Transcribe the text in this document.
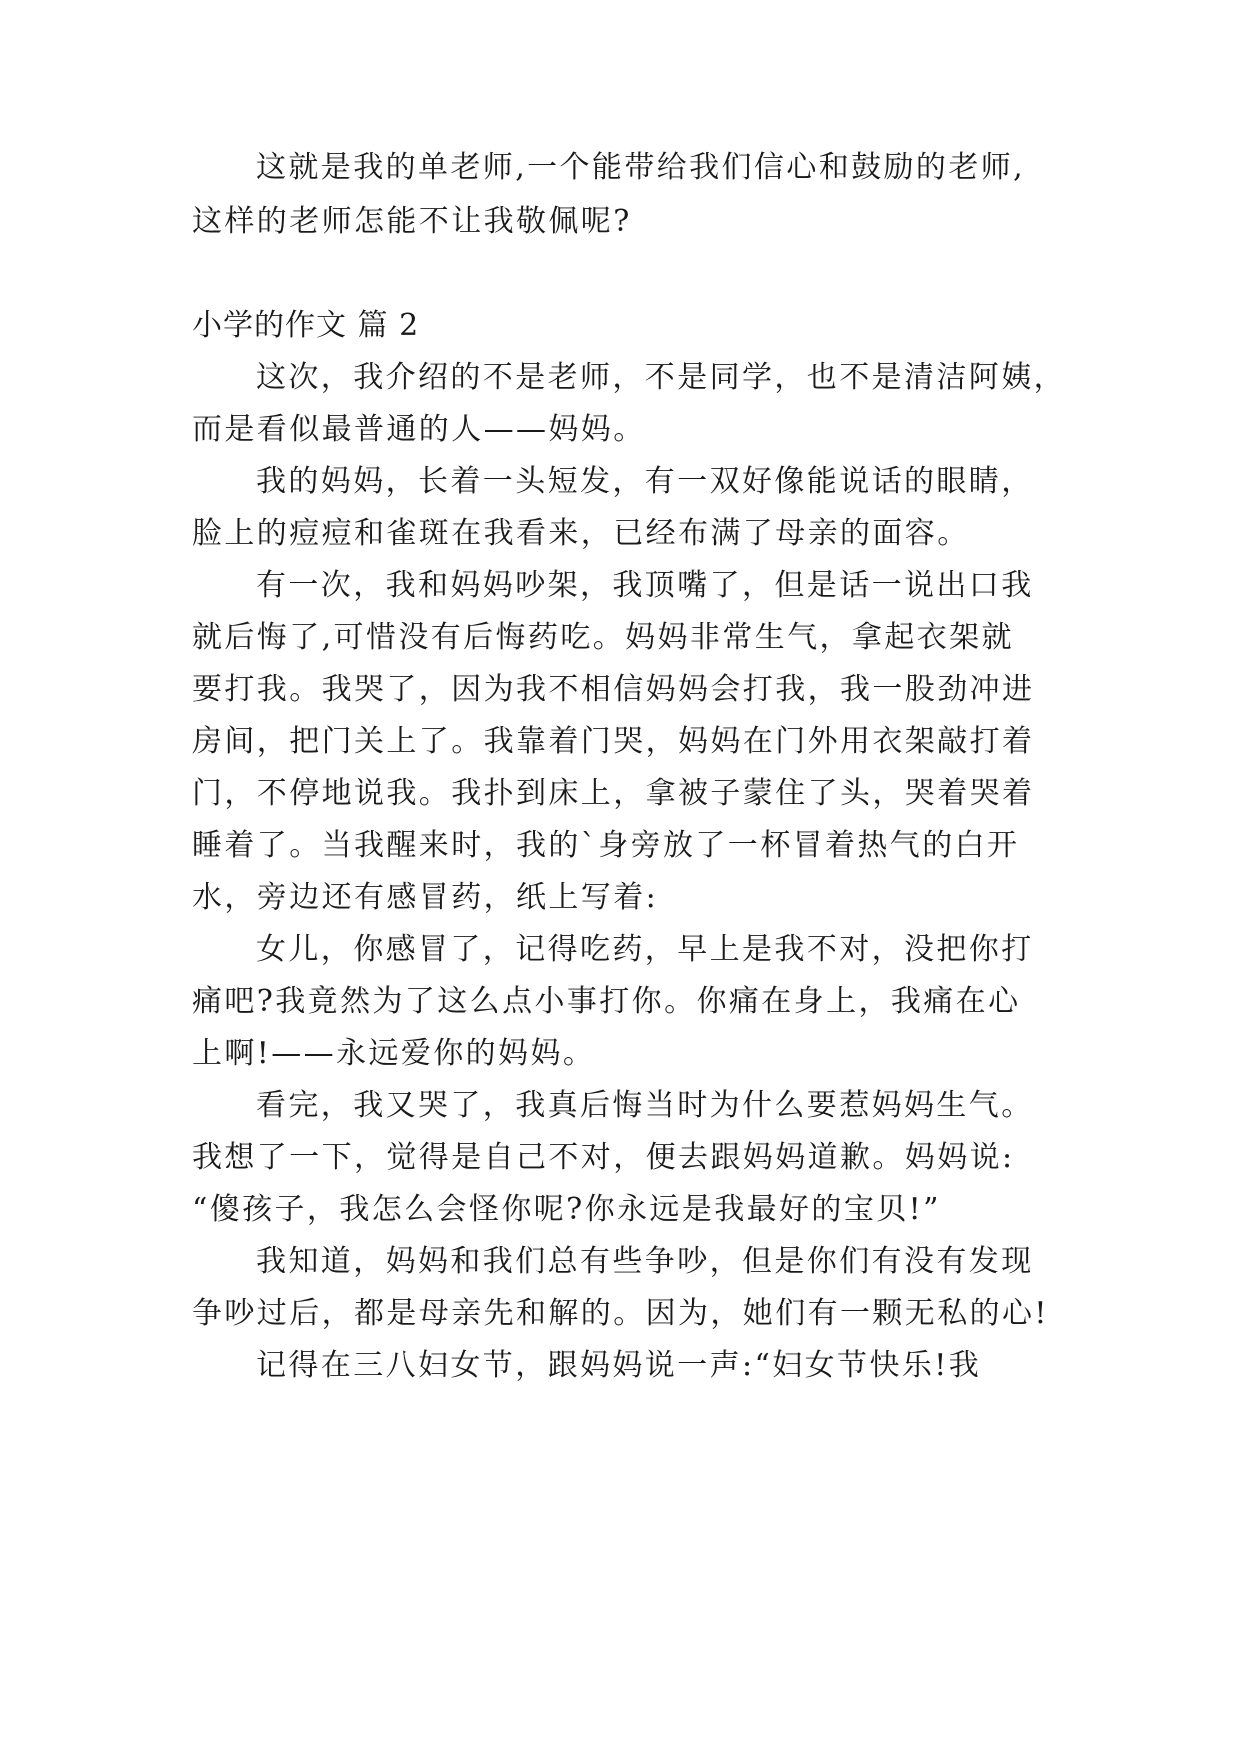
这就是我的单老师,一个能带给我们信心和鼓励的老师,
这样的老师怎能不让我敬佩呢?
小学的作文 篇 2
这次，我介绍的不是老师，不是同学，也不是清洁阿姨，
而是看似最普通的人——妈妈。
我的妈妈，长着一头短发，有一双好像能说话的眼睛，
脸上的痘痘和雀斑在我看来，已经布满了母亲的面容。
有一次，我和妈妈吵架，我顶嘴了，但是话一说出口我
就后悔了,可惜没有后悔药吃。妈妈非常生气，拿起衣架就
要打我。我哭了，因为我不相信妈妈会打我，我一股劲冲进
房间，把门关上了。我靠着门哭，妈妈在门外用衣架敲打着
门，不停地说我。我扑到床上，拿被子蒙住了头，哭着哭着
睡着了。当我醒来时，我的`身旁放了一杯冒着热气的白开
水，旁边还有感冒药，纸上写着:
女儿，你感冒了，记得吃药，早上是我不对，没把你打
痛吧?我竟然为了这么点小事打你。你痛在身上，我痛在心
上啊!——永远爱你的妈妈。
看完，我又哭了，我真后悔当时为什么要惹妈妈生气。
我想了一下，觉得是自己不对，便去跟妈妈道歉。妈妈说:
“傻孩子，我怎么会怪你呢?你永远是我最好的宝贝!”
我知道，妈妈和我们总有些争吵，但是你们有没有发现
争吵过后，都是母亲先和解的。因为，她们有一颗无私的心!
记得在三八妇女节，跟妈妈说一声:“妇女节快乐!我
